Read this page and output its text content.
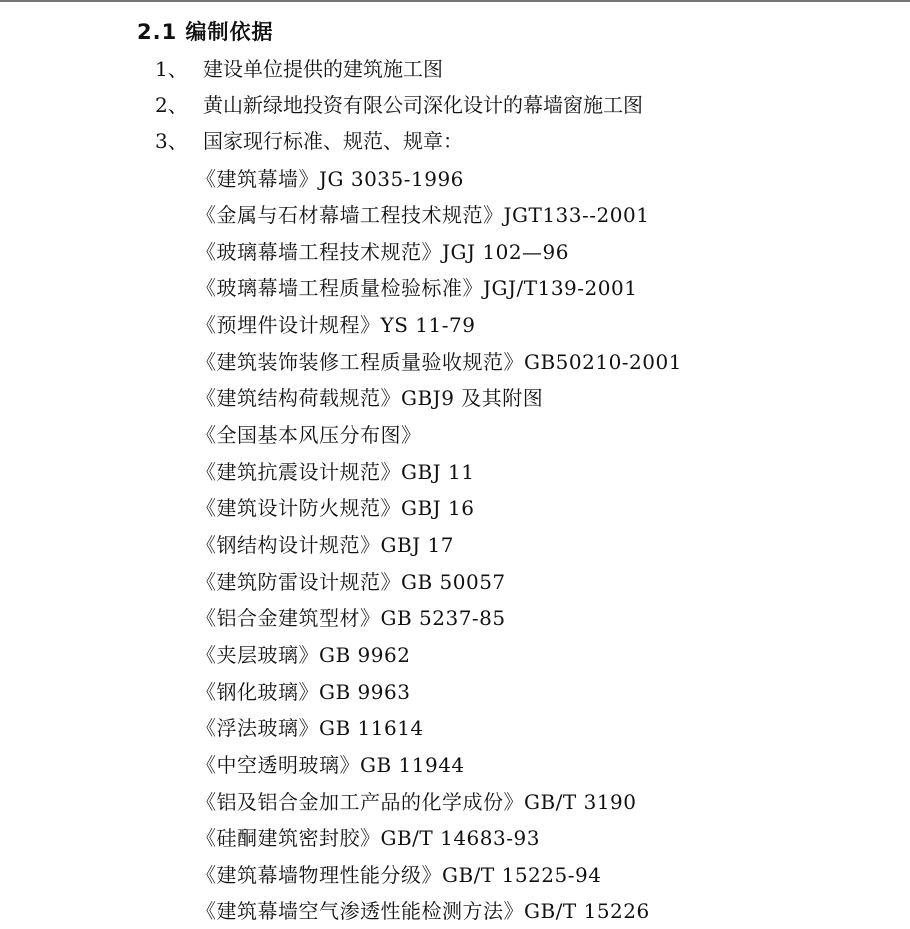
2.1 编制依据
1、 建设单位提供的建筑施工图
2、 黄山新绿地投资有限公司深化设计的幕墙窗施工图
3、 国家现行标准、规范、规章：
《建筑幕墙》JG 3035-1996
《金属与石材幕墙工程技术规范》JGT133--2001
《玻璃幕墙工程技术规范》JGJ 102—96
《玻璃幕墙工程质量检验标准》JGJ/T139-2001
《预埋件设计规程》YS 11-79
《建筑装饰装修工程质量验收规范》GB50210-2001
《建筑结构荷载规范》GBJ9 及其附图
《全国基本风压分布图》
《建筑抗震设计规范》GBJ 11
《建筑设计防火规范》GBJ 16
《钢结构设计规范》GBJ 17
《建筑防雷设计规范》GB 50057
《铝合金建筑型材》GB 5237-85
《夹层玻璃》GB 9962
《钢化玻璃》GB 9963
《浮法玻璃》GB 11614
《中空透明玻璃》GB 11944
《铝及铝合金加工产品的化学成份》GB/T 3190
《硅酮建筑密封胶》GB/T 14683-93
《建筑幕墙物理性能分级》GB/T 15225-94
《建筑幕墙空气渗透性能检测方法》GB/T 15226
